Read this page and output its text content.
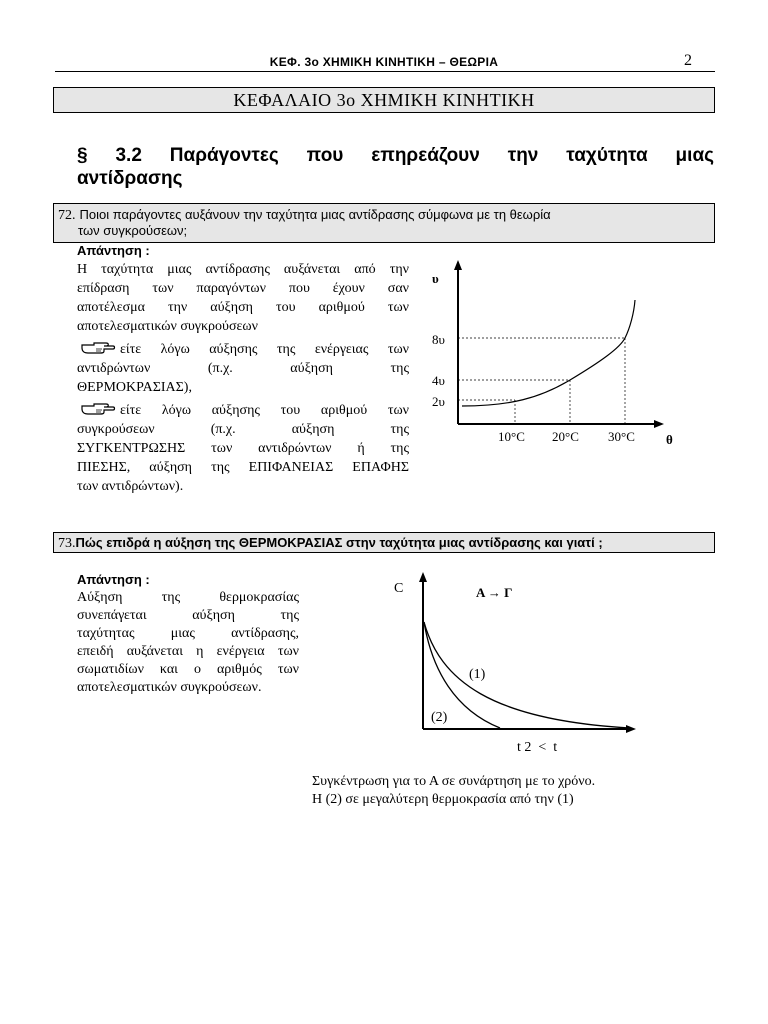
ΚΕΦ. 3ο ΧΗΜΙΚΗ ΚΙΝΗΤΙΚΗ – ΘΕΩΡΙΑ	2
ΚΕΦΑΛΑΙΟ 3ο ΧΗΜΙΚΗ ΚΙΝΗΤΙΚΗ
§ 3.2 Παράγοντες που επηρεάζουν την ταχύτητα μιας
αντίδρασης
72. Ποιοι παράγοντες αυξάνουν την ταχύτητα μιας αντίδρασης σύμφωνα με τη θεωρία
των συγκρούσεων;
Απάντηση :
Η ταχύτητα μιας αντίδρασης αυξάνεται από την
επίδραση των παραγόντων που έχουν σαν
αποτέλεσμα την αύξηση του αριθμού των
αποτελεσματικών συγκρούσεων
είτε λόγω αύξησης της ενέργειας των
αντιδρώντων (π.χ. αύξηση της
ΘΕΡΜΟΚΡΑΣΙΑΣ),
είτε λόγω αύξησης του αριθμού των
συγκρούσεων (π.χ. αύξηση της
ΣΥΓΚΕΝΤΡΩΣΗΣ των αντιδρώντων ή της
ΠΙΕΣΗΣ, αύξηση της ΕΠΙΦΑΝΕΙΑΣ ΕΠΑΦΗΣ
των αντιδρώντων).
υ
θ
8υ
4υ
2υ
10°C 20°C 30°C
73.Πώς επιδρά η αύξηση της ΘΕΡΜΟΚΡΑΣΙΑΣ στην ταχύτητα μιας αντίδρασης και γιατί ;
Απάντηση :
Αύξηση της θερμοκρασίας
συνεπάγεται αύξηση της
ταχύτητας μιας αντίδρασης,
επειδή αυξάνεται η ενέργεια των
σωματιδίων και ο αριθμός των
αποτελεσματικών συγκρούσεων.
C	Α → Γ
(1)
(2)
t 2  <  t
Συγκέντρωση για το Α σε συνάρτηση με το χρόνο.
Η (2) σε μεγαλύτερη θερμοκρασία από την (1)
